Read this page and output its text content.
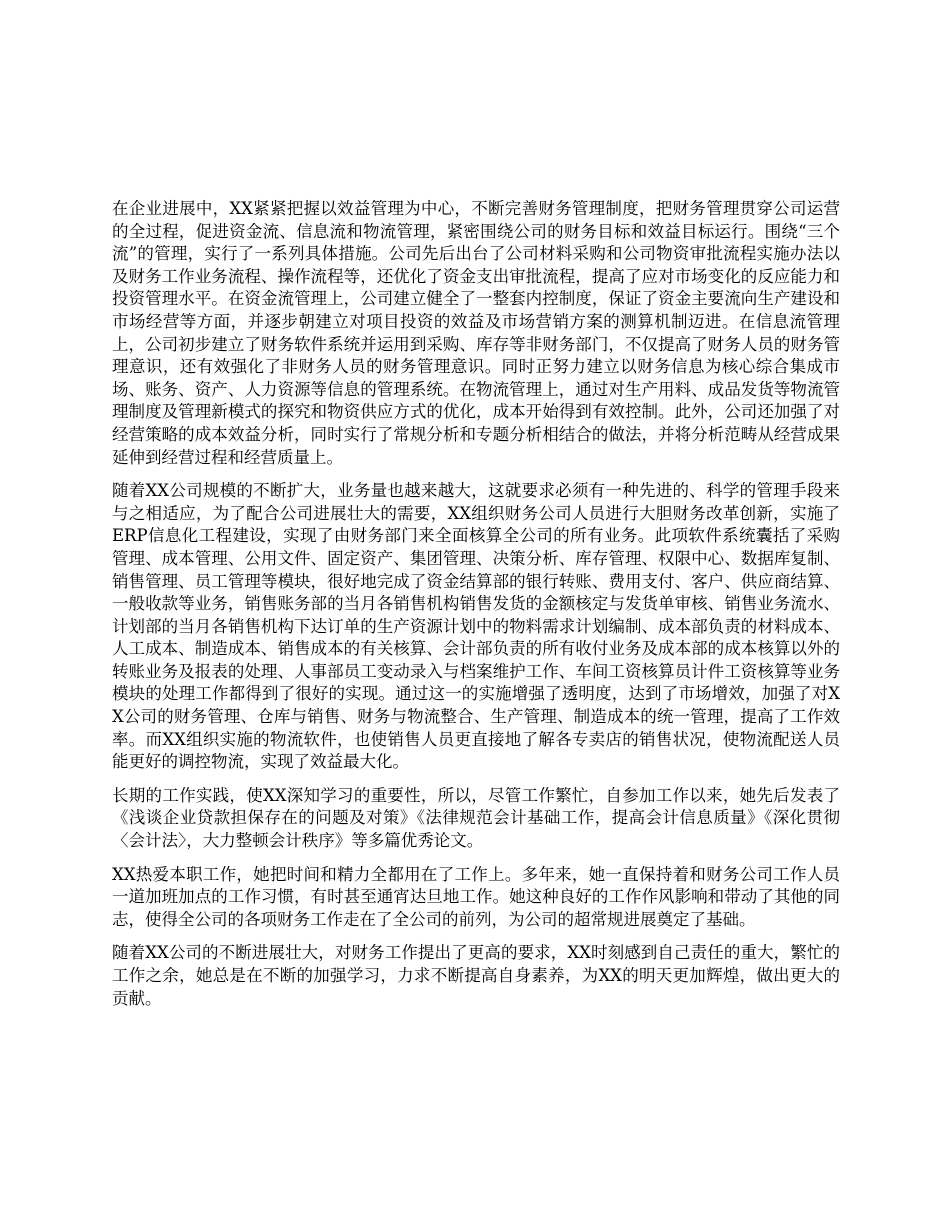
在企业进展中，XX紧紧把握以效益管理为中心，不断完善财务管理制度，把财务管理贯穿公司运营的全过程，促进资金流、信息流和物流管理，紧密围绕公司的财务目标和效益目标运行。围绕“三个流”的管理，实行了一系列具体措施。公司先后出台了公司材料采购和公司物资审批流程实施办法以及财务工作业务流程、操作流程等，还优化了资金支出审批流程，提高了应对市场变化的反应能力和投资管理水平。在资金流管理上，公司建立健全了一整套内控制度，保证了资金主要流向生产建设和市场经营等方面，并逐步朝建立对项目投资的效益及市场营销方案的测算机制迈进。在信息流管理上，公司初步建立了财务软件系统并运用到采购、库存等非财务部门，不仅提高了财务人员的财务管理意识，还有效强化了非财务人员的财务管理意识。同时正努力建立以财务信息为核心综合集成市场、账务、资产、人力资源等信息的管理系统。在物流管理上，通过对生产用料、成品发货等物流管理制度及管理新模式的探究和物资供应方式的优化，成本开始得到有效控制。此外，公司还加强了对经营策略的成本效益分析，同时实行了常规分析和专题分析相结合的做法，并将分析范畴从经营成果延伸到经营过程和经营质量上。

随着XX公司规模的不断扩大，业务量也越来越大，这就要求必须有一种先进的、科学的管理手段来与之相适应，为了配合公司进展壮大的需要，XX组织财务公司人员进行大胆财务改革创新，实施了ERP信息化工程建设，实现了由财务部门来全面核算全公司的所有业务。此项软件系统囊括了采购管理、成本管理、公用文件、固定资产、集团管理、决策分析、库存管理、权限中心、数据库复制、销售管理、员工管理等模块，很好地完成了资金结算部的银行转账、费用支付、客户、供应商结算、一般收款等业务，销售账务部的当月各销售机构销售发货的金额核定与发货单审核、销售业务流水、计划部的当月各销售机构下达订单的生产资源计划中的物料需求计划编制、成本部负责的材料成本、人工成本、制造成本、销售成本的有关核算、会计部负责的所有收付业务及成本部的成本核算以外的转账业务及报表的处理、人事部员工变动录入与档案维护工作、车间工资核算员计件工资核算等业务模块的处理工作都得到了很好的实现。通过这一的实施增强了透明度，达到了市场增效，加强了对XX公司的财务管理、仓库与销售、财务与物流整合、生产管理、制造成本的统一管理，提高了工作效率。而XX组织实施的物流软件，也使销售人员更直接地了解各专卖店的销售状况，使物流配送人员能更好的调控物流，实现了效益最大化。

长期的工作实践，使XX深知学习的重要性，所以，尽管工作繁忙，自参加工作以来，她先后发表了《浅谈企业贷款担保存在的问题及对策》《法律规范会计基础工作，提高会计信息质量》《深化贯彻〈会计法〉，大力整顿会计秩序》等多篇优秀论文。

XX热爱本职工作，她把时间和精力全都用在了工作上。多年来，她一直保持着和财务公司工作人员一道加班加点的工作习惯，有时甚至通宵达旦地工作。她这种良好的工作作风影响和带动了其他的同志，使得全公司的各项财务工作走在了全公司的前列，为公司的超常规进展奠定了基础。

随着XX公司的不断进展壮大，对财务工作提出了更高的要求，XX时刻感到自己责任的重大，繁忙的工作之余，她总是在不断的加强学习，力求不断提高自身素养，为XX的明天更加辉煌，做出更大的贡献。
